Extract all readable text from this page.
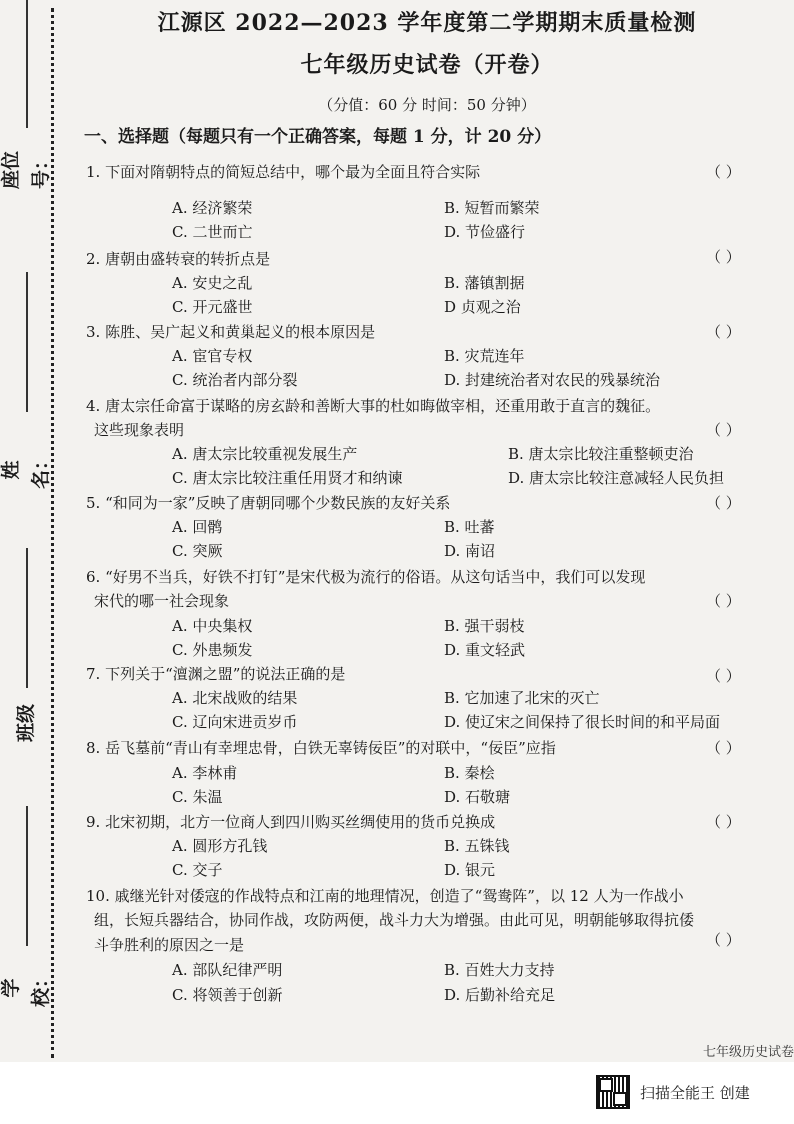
座位号：
姓 名：
班级
学 校：
江源区 2022—2023 学年度第二学期期末质量检测
七年级历史试卷（开卷）
（分值：60 分 时间：50 分钟）
一、选择题（每题只有一个正确答案，每题 1 分，计 20 分）
1. 下面对隋朝特点的简短总结中，哪个最为全面且符合实际	（ ）
A. 经济繁荣	B. 短暂而繁荣
C. 二世而亡	D. 节俭盛行
2. 唐朝由盛转衰的转折点是	（ ）
A. 安史之乱	B. 藩镇割据
C. 开元盛世	D 贞观之治
3. 陈胜、吴广起义和黄巢起义的根本原因是	（ ）
A. 宦官专权	B. 灾荒连年
C. 统治者内部分裂	D. 封建统治者对农民的残暴统治
4. 唐太宗任命富于谋略的房玄龄和善断大事的杜如晦做宰相，还重用敢于直言的魏征。
这些现象表明	（ ）
A. 唐太宗比较重视发展生产	B. 唐太宗比较注重整顿吏治
C. 唐太宗比较注重任用贤才和纳谏	D. 唐太宗比较注意减轻人民负担
5. “和同为一家”反映了唐朝同哪个少数民族的友好关系	（ ）
A. 回鹘	B. 吐蕃
C. 突厥	D. 南诏
6. “好男不当兵，好铁不打钉”是宋代极为流行的俗语。从这句话当中，我们可以发现
宋代的哪一社会现象	（ ）
A. 中央集权	B. 强干弱枝
C. 外患频发	D. 重文轻武
7. 下列关于“澶渊之盟”的说法正确的是	（ ）
A. 北宋战败的结果	B. 它加速了北宋的灭亡
C. 辽向宋进贡岁币	D. 使辽宋之间保持了很长时间的和平局面
8. 岳飞墓前“青山有幸埋忠骨，白铁无辜铸佞臣”的对联中，“佞臣”应指	（ ）
A. 李林甫	B. 秦桧
C. 朱温	D. 石敬瑭
9. 北宋初期，北方一位商人到四川购买丝绸使用的货币兑换成	（ ）
A. 圆形方孔钱	B. 五铢钱
C. 交子	D. 银元
10. 戚继光针对倭寇的作战特点和江南的地理情况，创造了“鸳鸯阵”，以 12 人为一作战小
组，长短兵器结合，协同作战，攻防两便，战斗力大为增强。由此可见，明朝能够取得抗倭
斗争胜利的原因之一是	（ ）
A. 部队纪律严明	B. 百姓大力支持
C. 将领善于创新	D. 后勤补给充足
七年级历史试卷
扫描全能王 创建
